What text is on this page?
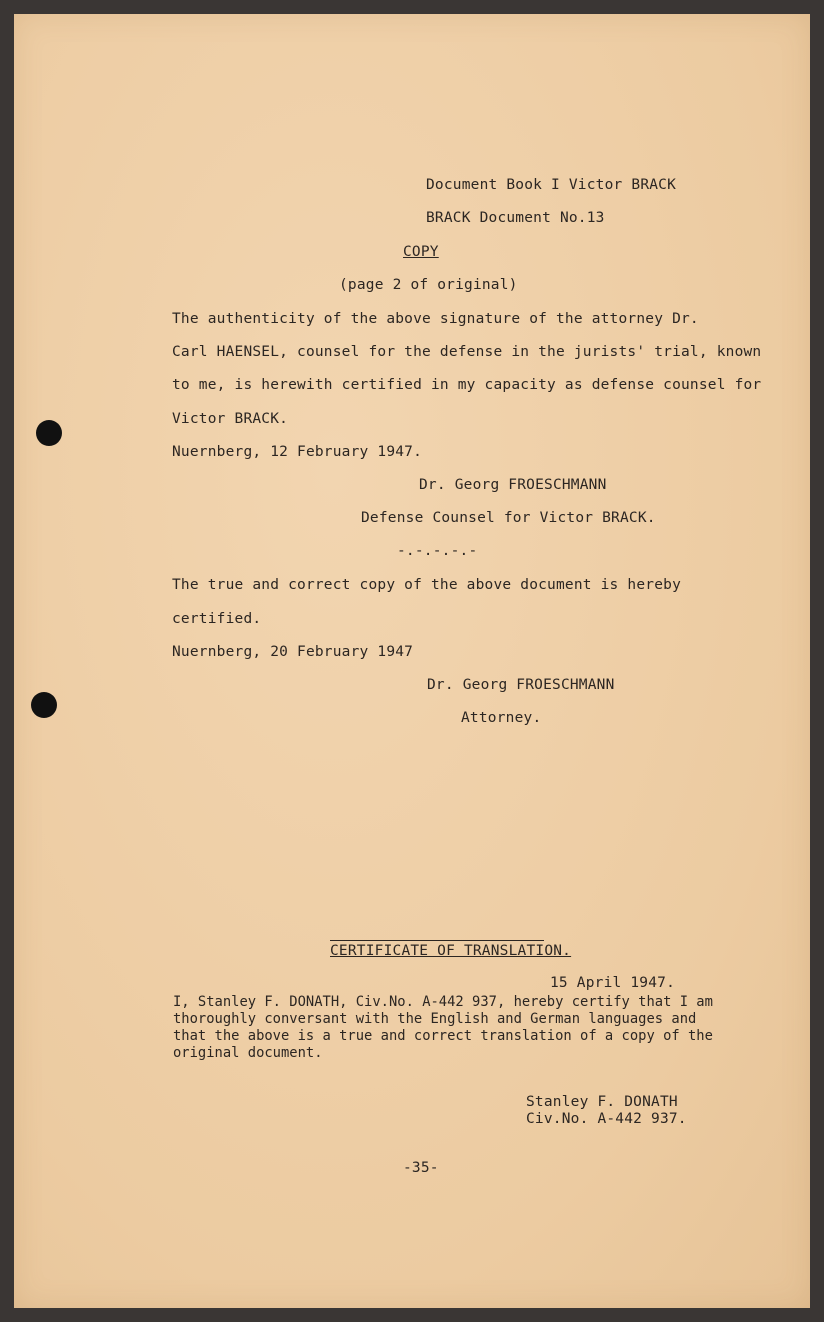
Document Book I Victor BRACK
BRACK Document No.13
COPY
(page 2 of original)
The authenticity of the above signature of the attorney Dr.
Carl HAENSEL, counsel for the defense in the jurists' trial, known
to me, is herewith certified in my capacity as defense counsel for
Victor BRACK.
Nuernberg, 12 February 1947.
Dr. Georg FROESCHMANN
Defense Counsel for Victor BRACK.
-.-.-.-.-
The true and correct copy of the above document is hereby
certified.
Nuernberg, 20 February 1947
Dr. Georg FROESCHMANN
Attorney.
CERTIFICATE OF TRANSLATION.
15 April 1947.
I, Stanley F. DONATH, Civ.No. A-442 937, hereby certify that I am
thoroughly conversant with the English and German languages and
that the above is a true and correct translation of a copy of the
original document.
Stanley F. DONATH
Civ.No. A-442 937.
-35-
